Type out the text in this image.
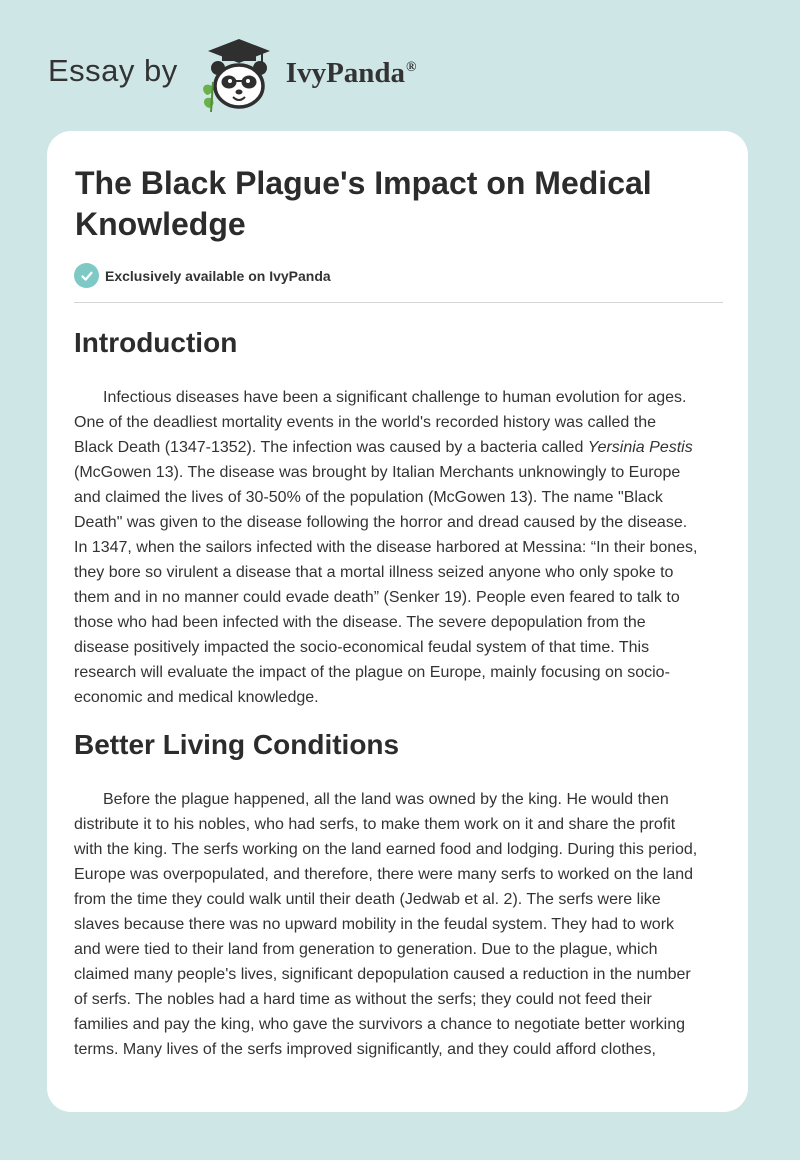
Essay by	IvyPanda®
The Black Plague's Impact on Medical Knowledge
Exclusively available on IvyPanda
Introduction

Infectious diseases have been a significant challenge to human evolution for ages.
One of the deadliest mortality events in the world's recorded history was called the
Black Death (1347-1352). The infection was caused by a bacteria called Yersinia Pestis
(McGowen 13). The disease was brought by Italian Merchants unknowingly to Europe
and claimed the lives of 30-50% of the population (McGowen 13). The name "Black
Death" was given to the disease following the horror and dread caused by the disease.
In 1347, when the sailors infected with the disease harbored at Messina: “In their bones,
they bore so virulent a disease that a mortal illness seized anyone who only spoke to
them and in no manner could evade death” (Senker 19). People even feared to talk to
those who had been infected with the disease. The severe depopulation from the
disease positively impacted the socio-economical feudal system of that time. This
research will evaluate the impact of the plague on Europe, mainly focusing on socio-
economic and medical knowledge.

Better Living Conditions

Before the plague happened, all the land was owned by the king. He would then
distribute it to his nobles, who had serfs, to make them work on it and share the profit
with the king. The serfs working on the land earned food and lodging. During this period,
Europe was overpopulated, and therefore, there were many serfs to worked on the land
from the time they could walk until their death (Jedwab et al. 2). The serfs were like
slaves because there was no upward mobility in the feudal system. They had to work
and were tied to their land from generation to generation. Due to the plague, which
claimed many people's lives, significant depopulation caused a reduction in the number
of serfs. The nobles had a hard time as without the serfs; they could not feed their
families and pay the king, who gave the survivors a chance to negotiate better working
terms. Many lives of the serfs improved significantly, and they could afford clothes,
